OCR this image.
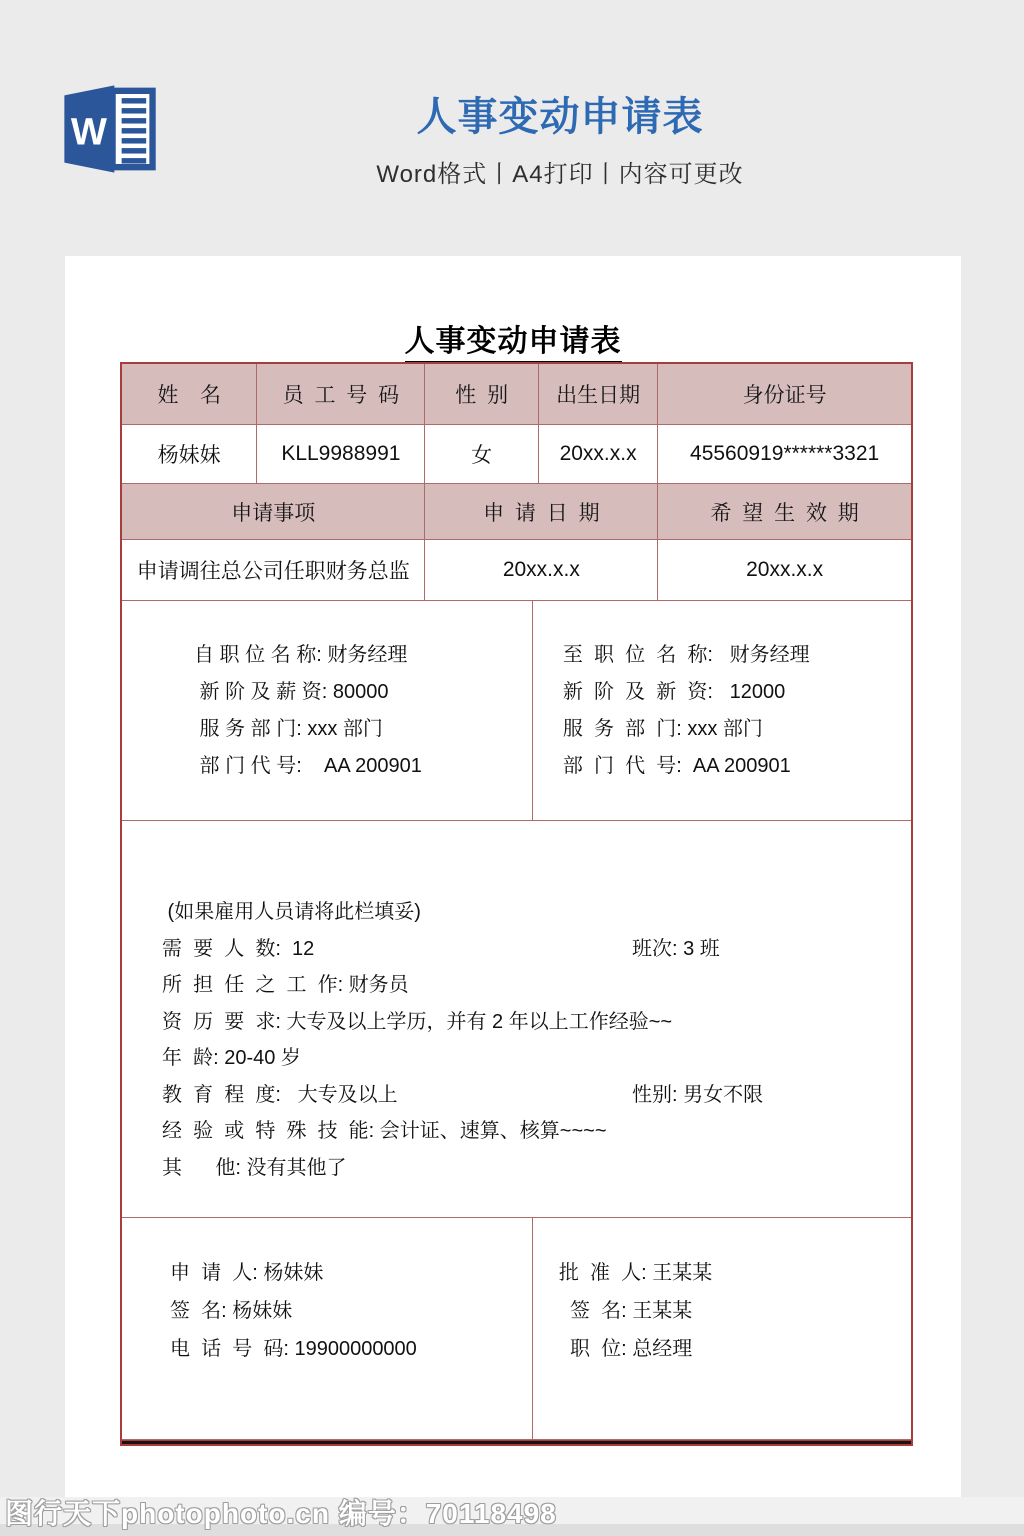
W	人事变动申请表
Word格式丨A4打印丨内容可更改
人事变动申请表
姓  名	员 工 号 码	性 别	出生日期	身份证号
杨妹妹	KLL9988991	女	20xx.x.x	45560919******3321
申请事项	申 请 日 期	希 望 生 效 期
申请调往总公司任职财务总监	20xx.x.x	20xx.x.x
自 职 位 名 称: 财务经理
新 阶 及 薪 资: 80000
服 务 部 门: xxx 部门
部 门 代 号:    AA 200901
至  职  位  名  称:   财务经理
新  阶  及  新  资:   12000
服  务  部  门: xxx 部门
部  门  代  号:  AA 200901
(如果雇用人员请将此栏填妥)
需  要  人  数:  12	班次: 3 班
所  担  任  之  工  作: 财务员
资  历  要  求: 大专及以上学历，并有 2 年以上工作经验~~
年  龄: 20-40 岁
教  育  程  度:   大专及以上	性别: 男女不限
经  验  或  特  殊  技  能: 会计证、速算、核算~~~~
其      他: 没有其他了
申  请  人: 杨妹妹
签  名: 杨妹妹
电  话  号  码: 19900000000
批  准  人: 王某某
签  名: 王某某
职  位: 总经理
图行天下photophoto.cn 编号：70118498
